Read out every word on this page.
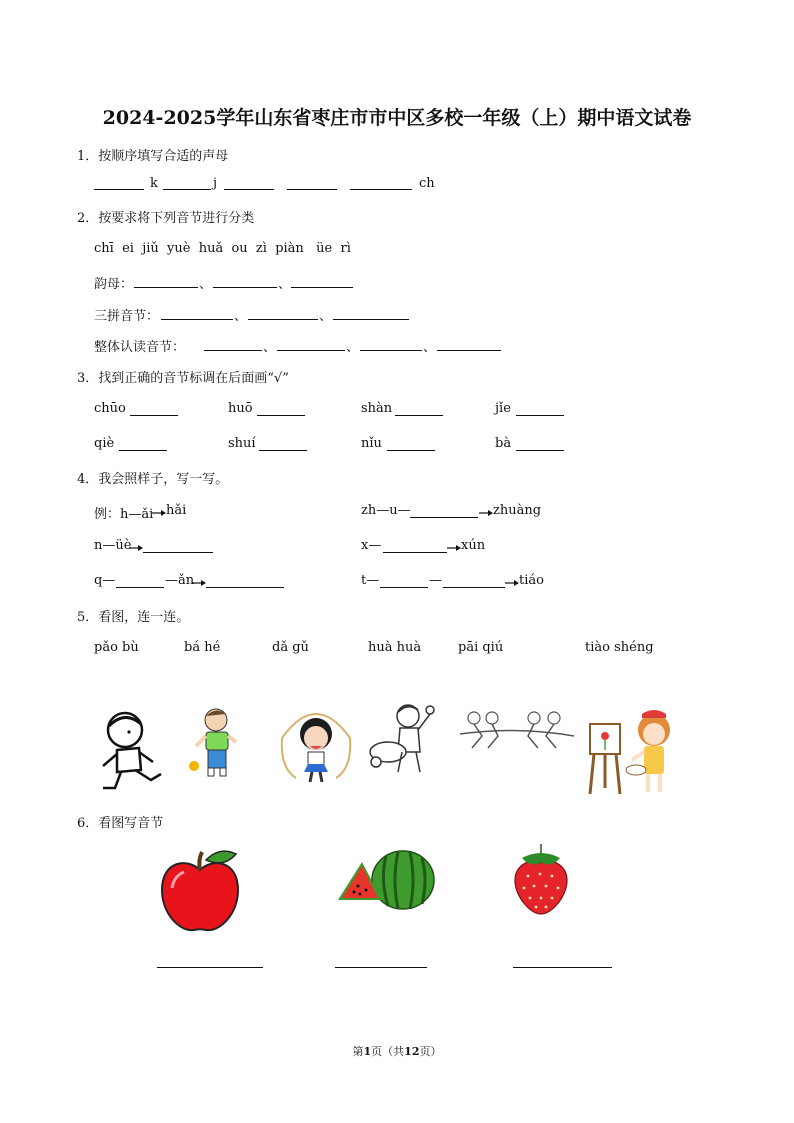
2024-2025学年山东省枣庄市市中区多校一年级（上）期中语文试卷
1．按顺序填写合适的声母
k	j	ch
2．按要求将下列音节进行分类
chī  ei  jiǔ  yuè  huǎ  ou  zì  piàn   üe  rì
韵母：	、	、
三拼音节：	、	、
整体认读音节：	、	、	、
3．找到正确的音节标调在后面画“√”
chūo	huō	shàn	jǐe
qiè	shuí	nǐu	bà
4．我会照样子，写一写。
例：h—ǎi hǎi	zh—u—	zhuàng
n—üè	x—	xún
q—	—ǎn	t—	—	tiáo
5．看图，连一连。
pǎo bù	bá hé	dǎ gǔ	huà huà	pāi qiú	tiào shéng
6．看图写音节
第1页（共12页）
